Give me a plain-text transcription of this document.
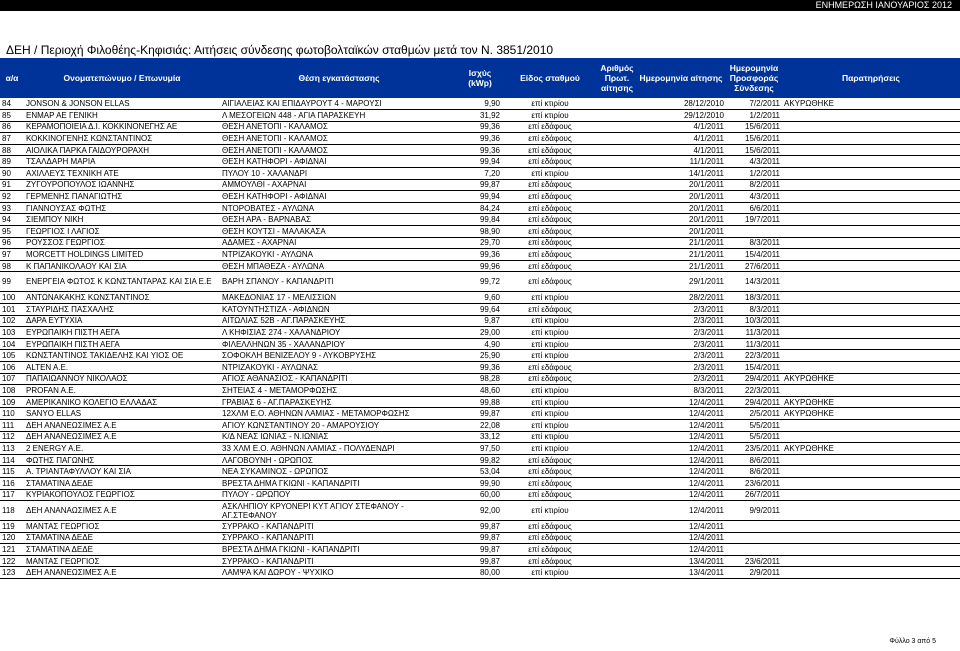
ΕΝΗΜΕΡΩΣΗ ΙΑΝΟΥΑΡΙΟΣ 2012
ΔΕΗ / Περιοχή Φιλοθέης-Κηφισιάς: Αιτήσεις σύνδεσης φωτοβολταϊκών σταθμών μετά τον Ν. 3851/2010
α/α	Ονοματεπώνυμο / Επωνυμία	Θέση εγκατάστασης	Ισχύς (kWp)	Είδος σταθμού	Αριθμός Πρωτ. αίτησης	Ημερομηνία αίτησης	Ημερομηνία Προσφοράς Σύνδεσης	Παρατηρήσεις
84	JONSON & JONSON ELLAS	ΑΙΓΙΑΛΕΙΑΣ ΚΑΙ ΕΠΙΔΑΥΡΟΥΤ 4 - ΜΑΡΟΥΣΙ	9,90	επί κτιρίου		28/12/2010	7/2/2011	ΑΚΥΡΩΘΗΚΕ
85	ΕΝΜΑΡ ΑΕ ΓΕΝΙΚΗ	Λ ΜΕΣΟΓΕΙΩΝ 448 - ΑΓΙΑ ΠΑΡΑΣΚΕΥΗ	31,92	επί κτιρίου		29/12/2010	1/2/2011	
86	ΚΕΡΑΜΟΠΟΙΕΙΑ Δ.Ι. ΚΟΚΚΙΝΟΝΕΓΗΣ ΑΕ	ΘΕΣΗ ΑΝΕΤΟΠΙ - ΚΑΛΑΜΟΣ	99,36	επί εδάφους		4/1/2011	15/6/2011	
87	ΚΟΚΚΙΝΟΓΕΝΗΣ ΚΩΝΣΤΑΝΤΙΝΟΣ	ΘΕΣΗ ΑΝΕΤΟΠΙ - ΚΑΛΑΜΟΣ	99,36	επί εδάφους		4/1/2011	15/6/2011	
88	ΑΙΟΛΙΚΑ ΠΑΡΚΑ ΓΑΙΔΟΥΡΟΡΑΧΗ	ΘΕΣΗ ΑΝΕΤΟΠΙ - ΚΑΛΑΜΟΣ	99,36	επί εδάφους		4/1/2011	15/6/2011	
89	ΤΣΑΛΔΑΡΗ ΜΑΡΙΑ	ΘΕΣΗ ΚΑΤΗΦΟΡΙ - ΑΦΙΔΝΑΙ	99,94	επί εδάφους		11/1/2011	4/3/2011	
90	ΑΧΙΛΛΕΥΣ ΤΕΧΝΙΚΗ ΑΤΕ	ΠΥΛΟΥ 10 - ΧΑΛΑΝΔΡΙ	7,20	επί κτιρίου		14/1/2011	1/2/2011	
91	ΖΥΓΟΥΡΟΠΟΥΛΟΣ ΙΩΑΝΝΗΣ	ΑΜΜΟΥΛΘΙ - ΑΧΑΡΝΑΙ	99,87	επί εδάφους		20/1/2011	8/2/2011	
92	ΓΕΡΜΕΝΗΣ ΠΑΝΑΓΙΩΤΗΣ	ΘΕΣΗ ΚΑΤΗΦΟΡΙ - ΑΦΙΔΝΑΙ	99,94	επί εδάφους		20/1/2011	4/3/2011	
93	ΓΙΑΝΝΟΥΣΑΣ ΦΩΤΗΣ	ΝΤΟΡΟΒΑΤΕΣ - ΑΥΛΩΝΑ	84,24	επί εδάφους		20/1/2011	6/6/2011	
94	ΣΙΕΜΠΟΥ ΝΙΚΗ	ΘΕΣΗ ΑΡΑ - ΒΑΡΝΑΒΑΣ	99,84	επί εδάφους		20/1/2011	19/7/2011	
95	ΓΕΩΡΓΙΟΣ Ι ΛΑΓΙΟΣ	ΘΕΣΗ ΚΟΥΤΣΙ - ΜΑΛΑΚΑΣΑ	98,90	επί εδάφους		20/1/2011		
96	ΡΟΥΣΣΟΣ ΓΕΩΡΓΙΟΣ	ΑΔΑΜΕΣ - ΑΧΑΡΝΑΙ	29,70	επί εδάφους		21/1/2011	8/3/2011	
97	MORCETT HOLDINGS LIMITED	ΝΤΡΙΖΑΚΟΥΚΙ - ΑΥΛΩΝΑ	99,36	επί εδάφους		21/1/2011	15/4/2011	
98	Κ ΠΑΠΑΝΙΚΟΛΑΟΥ ΚΑΙ ΣΙΑ	ΘΕΣΗ ΜΠΑΘΕΖΑ - ΑΥΛΩΝΑ	99,96	επί εδάφους		21/1/2011	27/6/2011	
99	ΕΝΕΡΓΕΙΑ ΦΩΤΟΣ Κ ΚΩΝΣΤΑΝΤΑΡΑΣ ΚΑΙ ΣΙΑ Ε.Ε	ΒΑΡΗ ΣΠΑΝΟΥ - ΚΑΠΑΝΔΡΙΤΙ	99,72	επί εδάφους		29/1/2011	14/3/2011	
100	ΑΝΤΩΝΑΚΑΚΗΣ ΚΩΝΣΤΑΝΤΙΝΟΣ	ΜΑΚΕΔΟΝΙΑΣ 17 - ΜΕΛΙΣΣΙΩΝ	9,60	επί κτιρίου		28/2/2011	18/3/2011	
101	ΣΤΑΥΡΙΔΗΣ ΠΑΣΧΑΛΗΣ	ΚΑΤΟΥΝΤΗΣΤΙΖΑ - ΑΦΙΔΝΩΝ	99,64	επί εδάφους		2/3/2011	8/3/2011	
102	ΔΑΡΑ ΕΥΤΥΧΙΑ	ΑΙΤΩΛΙΑΣ 52Β - ΑΓ.ΠΑΡΑΣΚΕΥΗΣ	9,87	επί κτιρίου		2/3/2011	10/3/2011	
103	ΕΥΡΩΠΑΙΚΗ ΠΙΣΤΗ ΑΕΓΑ	Λ ΚΗΦΙΣΙΑΣ 274 - ΧΑΛΑΝΔΡΙΟΥ	29,00	επί κτιρίου		2/3/2011	11/3/2011	
104	ΕΥΡΩΠΑΙΚΗ ΠΙΣΤΗ ΑΕΓΑ	ΦΙΛΕΛΛΗΝΩΝ 35 - ΧΑΛΑΝΔΡΙΟΥ	4,90	επί κτιρίου		2/3/2011	11/3/2011	
105	ΚΩΝΣΤΑΝΤΙΝΟΣ ΤΑΚΙΔΕΛΗΣ ΚΑΙ ΥΙΟΣ ΟΕ	ΣΟΦΟΚΛΗ ΒΕΝΙΖΕΛΟΥ 9 - ΛΥΚΟΒΡΥΣΗΣ	25,90	επί κτιρίου		2/3/2011	22/3/2011	
106	ALTEN A.E.	ΝΤΡΙΖΑΚΟΥΚΙ - ΑΥΛΩΝΑΣ	99,36	επί εδάφους		2/3/2011	15/4/2011	
107	ΠΑΠΑΙΩΑΝΝΟΥ ΝΙΚΟΛΑΟΣ	ΑΓΙΟΣ ΑΘΑΝΑΣΙΟΣ - ΚΑΠΑΝΔΡΙΤΙ	98,28	επί εδάφους		2/3/2011	29/4/2011	ΑΚΥΡΩΘΗΚΕ
108	PROFAN A.E.	ΣΗΤΕΙΑΣ 4 - ΜΕΤΑΜΟΡΦΩΣΗΣ	48,60	επί κτιρίου		8/3/2011	22/3/2011	
109	ΑΜΕΡΙΚΑΝΙΚΟ ΚΟΛΕΓΙΟ ΕΛΛΑΔΑΣ	ΓΡΑΒΙΑΣ 6 - ΑΓ.ΠΑΡΑΣΚΕΥΗΣ	99,88	επί κτιρίου		12/4/2011	29/4/2011	ΑΚΥΡΩΘΗΚΕ
110	SANYO ELLAS	12ΧΛΜ Ε.Ο. ΑΘΗΝΩΝ ΛΑΜΙΑΣ - ΜΕΤΑΜΟΡΦΩΣΗΣ	99,87	επί κτιρίου		12/4/2011	2/5/2011	ΑΚΥΡΩΘΗΚΕ
111	ΔΕΗ ΑΝΑΝΕΩΣΙΜΕΣ Α.Ε	ΑΓΙΟΥ ΚΩΝΣΤΑΝΤΙΝΟΥ 20 - ΑΜΑΡΟΥΣΙΟΥ	22,08	επί κτιρίου		12/4/2011	5/5/2011	
112	ΔΕΗ ΑΝΑΝΕΩΣΙΜΕΣ Α.Ε	Κ/Δ ΝΕΑΣ ΙΩΝΙΑΣ - Ν.ΙΩΝΙΑΣ	33,12	επί κτιρίου		12/4/2011	5/5/2011	
113	2 ENERGY A.E.	33 ΧΛΜ Ε.Ο. ΑΘΗΝΩΝ ΛΑΜΙΑΣ - ΠΟΛΥΔΕΝΔΡΙ	97,50	επί κτιρίου		12/4/2011	23/5/2011	ΑΚΥΡΩΘΗΚΕ
114	ΦΩΤΗΣ ΠΑΓΩΝΗΣ	ΛΑΓΟΒΟΥΝΗ - ΩΡΩΠΟΣ	99,82	επί εδάφους		12/4/2011	8/6/2011	
115	Α. ΤΡΙΑΝΤΑΦΥΛΛΟΥ ΚΑΙ ΣΙΑ	ΝΕΑ ΣΥΚΑΜΙΝΟΣ - ΩΡΩΠΟΣ	53,04	επί εδάφους		12/4/2011	8/6/2011	
116	ΣΤΑΜΑΤΙΝΑ ΔΕΔΕ	ΒΡΕΣΤΑ ΔΗΜΑ ΓΚΙΩΝΙ - ΚΑΠΑΝΔΡΙΤΙ	99,90	επί εδάφους		12/4/2011	23/6/2011	
117	ΚΥΡΙΑΚΟΠΟΥΛΟΣ ΓΕΩΡΓΙΟΣ	ΠΥΛΟΥ - ΩΡΩΠΟΥ	60,00	επί εδάφους		12/4/2011	26/7/2011	
118	ΔΕΗ ΑΝΑΝΑΩΣΙΜΕΣ Α.Ε	ΑΣΚΛΗΠΙΟΥ ΚΡΥΟΝΕΡΙ ΚΥΤ ΑΓΙΟΥ ΣΤΕΦΑΝΟΥ - ΑΓ.ΣΤΕΦΑΝΟΥ	92,00	επί κτιρίου		12/4/2011	9/9/2011	
119	ΜΑΝΤΑΣ ΓΕΩΡΓΙΟΣ	ΣΥΡΡΑΚΟ - ΚΑΠΑΝΔΡΙΤΙ	99,87	επί εδάφους		12/4/2011		
120	ΣΤΑΜΑΤΙΝΑ ΔΕΔΕ	ΣΥΡΡΑΚΟ - ΚΑΠΑΝΔΡΙΤΙ	99,87	επί εδάφους		12/4/2011		
121	ΣΤΑΜΑΤΙΝΑ ΔΕΔΕ	ΒΡΕΣΤΑ ΔΗΜΑ ΓΚΙΩΝΙ - ΚΑΠΑΝΔΡΙΤΙ	99,87	επί εδάφους		12/4/2011		
122	ΜΑΝΤΑΣ ΓΕΩΡΓΙΟΣ	ΣΥΡΡΑΚΟ - ΚΑΠΑΝΔΡΙΤΙ	99,87	επί εδάφους		13/4/2011	23/6/2011	
123	ΔΕΗ ΑΝΑΝΕΩΣΙΜΕΣ Α.Ε	ΛΑΜΨΑ ΚΑΙ ΔΩΡΟΥ - ΨΥΧΙΚΟ	80,00	επί κτιρίου		13/4/2011	2/9/2011	
Φύλλο 3 από 5
